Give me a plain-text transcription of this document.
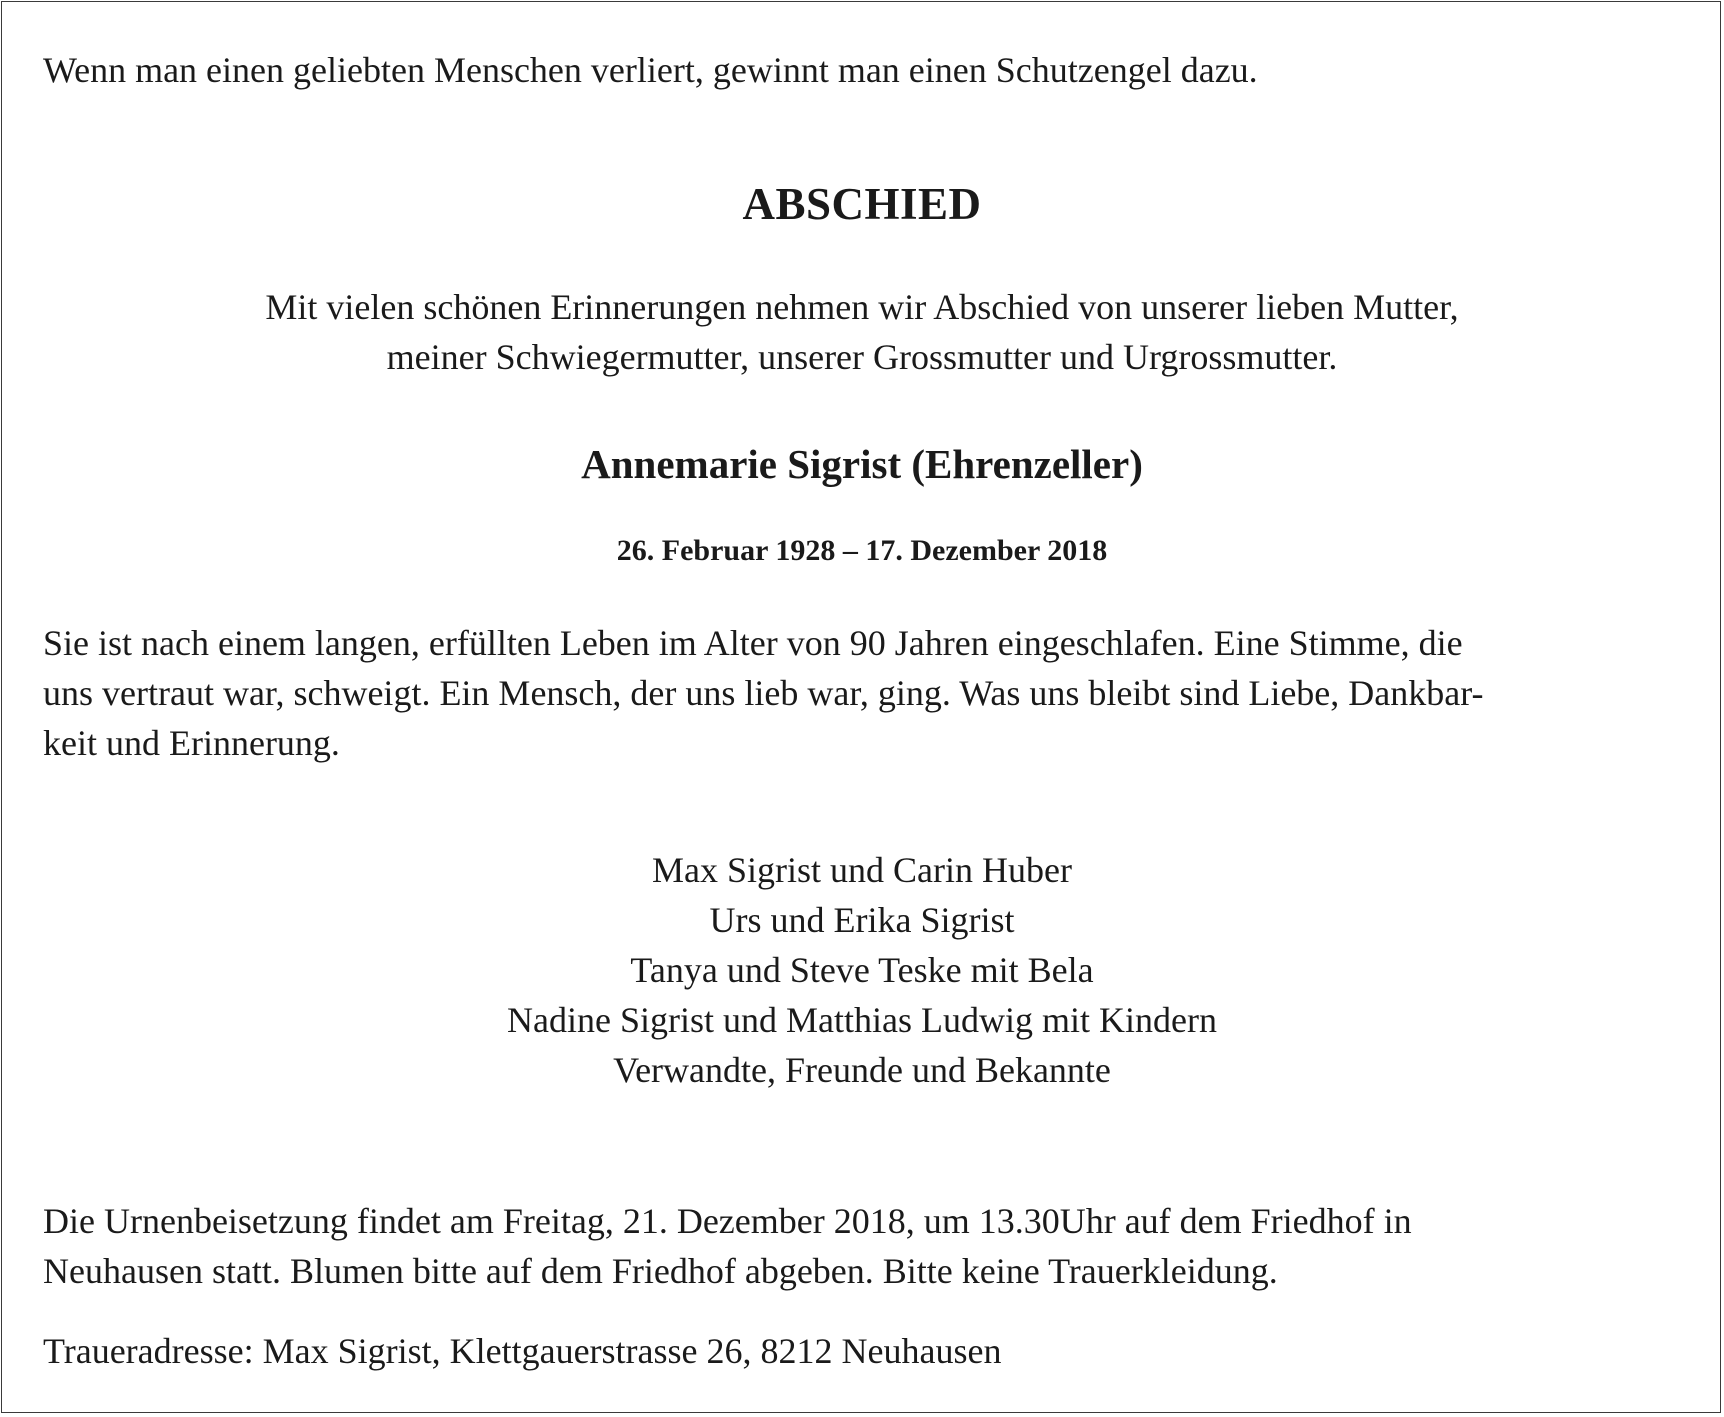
Wenn man einen geliebten Menschen verliert, gewinnt man einen Schutzengel dazu.

ABSCHIED

Mit vielen schönen Erinnerungen nehmen wir Abschied von unserer lieben Mutter,

meiner Schwiegermutter, unserer Grossmutter und Urgrossmutter.

Annemarie Sigrist (Ehrenzeller)

26. Februar 1928 – 17. Dezember 2018

Sie ist nach einem langen, erfüllten Leben im Alter von 90 Jahren eingeschlafen. Eine Stimme, die
uns vertraut war, schweigt. Ein Mensch, der uns lieb war, ging. Was uns bleibt sind Liebe, Dankbar-
keit und Erinnerung.

Max Sigrist und Carin Huber

Urs und Erika Sigrist

Tanya und Steve Teske mit Bela

Nadine Sigrist und Matthias Ludwig mit Kindern

Verwandte, Freunde und Bekannte

Die Urnenbeisetzung findet am Freitag, 21. Dezember 2018, um 13.30Uhr auf dem Friedhof in
Neuhausen statt. Blumen bitte auf dem Friedhof abgeben. Bitte keine Trauerkleidung.

Traueradresse: Max Sigrist, Klettgauerstrasse 26, 8212 Neuhausen
